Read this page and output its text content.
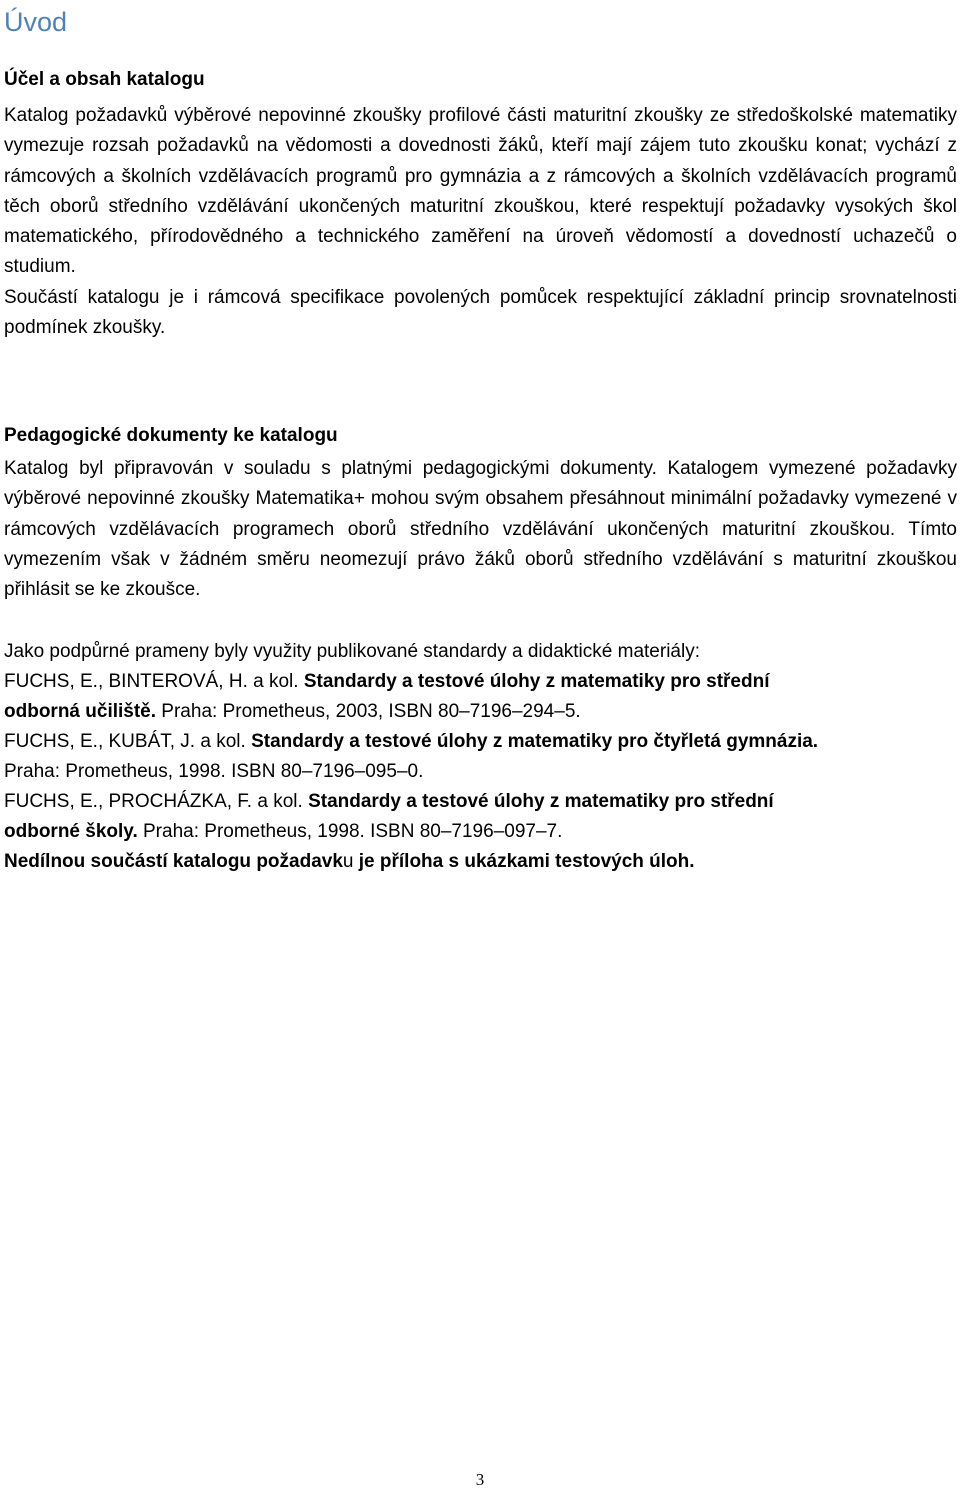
Úvod
Účel a obsah katalogu

Katalog požadavků výběrové nepovinné zkoušky profilové části maturitní zkoušky ze středoškolské matematiky vymezuje rozsah požadavků na vědomosti a dovednosti žáků, kteří mají zájem tuto zkoušku konat; vychází z rámcových a školních vzdělávacích programů pro gymnázia a z rámcových a školních vzdělávacích programů těch oborů středního vzdělávání ukončených maturitní zkouškou, které respektují požadavky vysokých škol matematického, přírodovědného a technického zaměření na úroveň vědomostí a dovedností uchazečů o studium.

Součástí katalogu je i rámcová specifikace povolených pomůcek respektující základní princip srovnatelnosti podmínek zkoušky.

Pedagogické dokumenty ke katalogu

Katalog byl připravován v souladu s platnými pedagogickými dokumenty. Katalogem vymezené požadavky výběrové nepovinné zkoušky Matematika+ mohou svým obsahem přesáhnout minimální požadavky vymezené v rámcových vzdělávacích programech oborů středního vzdělávání ukončených maturitní zkouškou. Tímto vymezením však v žádném směru neomezují právo žáků oborů středního vzdělávání s maturitní zkouškou přihlásit se ke zkoušce.

Jako podpůrné prameny byly využity publikované standardy a didaktické materiály:

FUCHS, E., BINTEROVÁ, H. a kol. Standardy a testové úlohy z matematiky pro střední

odborná učiliště. Praha: Prometheus, 2003, ISBN 80–7196–294–5.

FUCHS, E., KUBÁT, J. a kol. Standardy a testové úlohy z matematiky pro čtyřletá gymnázia.

Praha: Prometheus, 1998. ISBN 80–7196–095–0.

FUCHS, E., PROCHÁZKA, F. a kol. Standardy a testové úlohy z matematiky pro střední

odborné školy. Praha: Prometheus, 1998. ISBN 80–7196–097–7.

Nedílnou součástí katalogu požadavku je příloha s ukázkami testových úloh.

3
